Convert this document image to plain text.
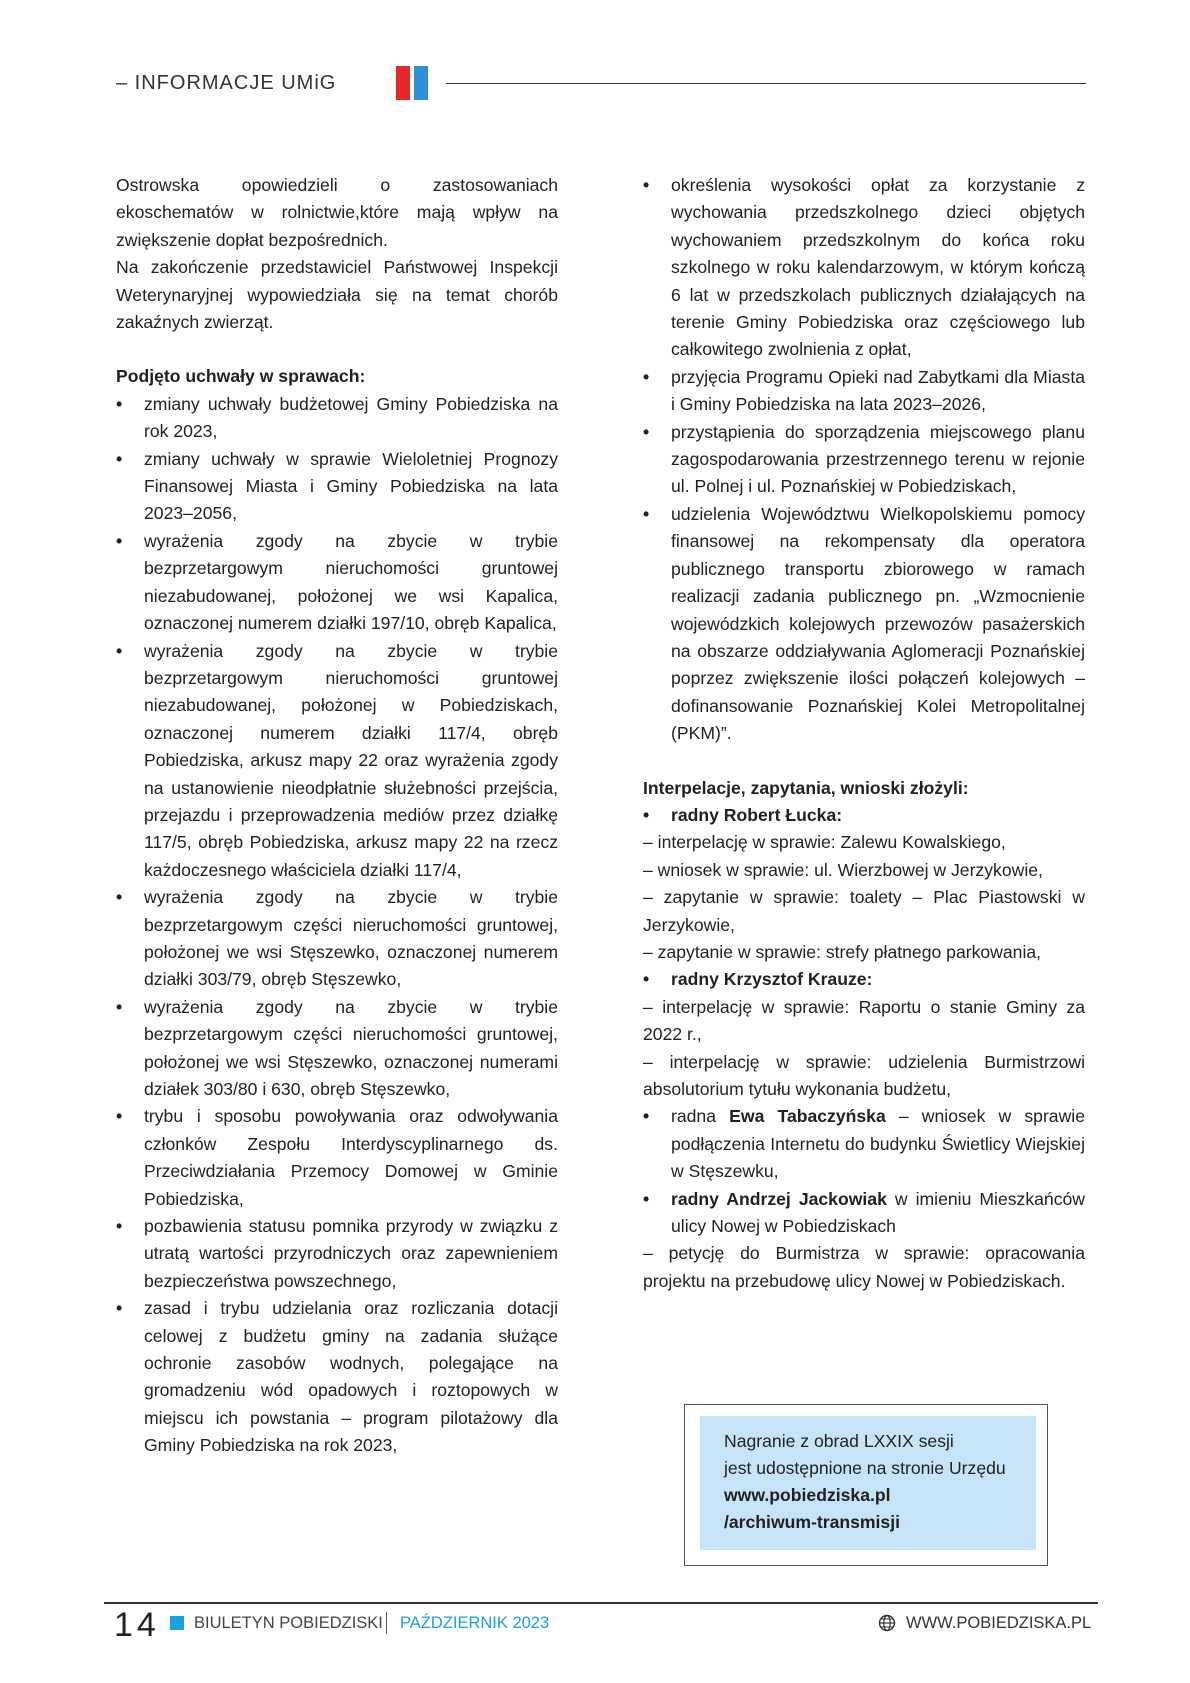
– INFORMACJE UMiG

Ostrowska opowiedzieli o zastosowaniach ekoschematów w rolnictwie,które mają wpływ na zwiększenie dopłat bezpośrednich.

Na zakończenie przedstawiciel Państwowej Inspekcji Weterynaryjnej wypowiedziała się na temat chorób zakaźnych zwierząt.

Podjęto uchwały w sprawach:

• zmiany uchwały budżetowej Gminy Pobiedziska na rok 2023,
• zmiany uchwały w sprawie Wieloletniej Prognozy Finansowej Miasta i Gminy Pobiedziska na lata 2023–2056,
• wyrażenia zgody na zbycie w trybie bezprzetargowym nieruchomości gruntowej niezabudowanej, położonej we wsi Kapalica, oznaczonej numerem działki 197/10, obręb Kapalica,
• wyrażenia zgody na zbycie w trybie bezprzetargowym nieruchomości gruntowej niezabudowanej, położonej w Pobiedziskach, oznaczonej numerem działki 117/4, obręb Pobiedziska, arkusz mapy 22 oraz wyrażenia zgody na ustanowienie nieodpłatnie służebności przejścia, przejazdu i przeprowadzenia mediów przez działkę 117/5, obręb Pobiedziska, arkusz mapy 22 na rzecz każdoczesnego właściciela działki 117/4,
• wyrażenia zgody na zbycie w trybie bezprzetargowym części nieruchomości gruntowej, położonej we wsi Stęszewko, oznaczonej numerem działki 303/79, obręb Stęszewko,
• wyrażenia zgody na zbycie w trybie bezprzetargowym części nieruchomości gruntowej, położonej we wsi Stęszewko, oznaczonej numerami działek 303/80 i 630, obręb Stęszewko,
• trybu i sposobu powoływania oraz odwoływania członków Zespołu Interdyscyplinarnego ds. Przeciwdziałania Przemocy Domowej w Gminie Pobiedziska,
• pozbawienia statusu pomnika przyrody w związku z utratą wartości przyrodniczych oraz zapewnieniem bezpieczeństwa powszechnego,
• zasad i trybu udzielania oraz rozliczania dotacji celowej z budżetu gminy na zadania służące ochronie zasobów wodnych, polegające na gromadzeniu wód opadowych i roztopowych w miejscu ich powstania – program pilotażowy dla Gminy Pobiedziska na rok 2023,
• określenia wysokości opłat za korzystanie z wychowania przedszkolnego dzieci objętych wychowaniem przedszkolnym do końca roku szkolnego w roku kalendarzowym, w którym kończą 6 lat w przedszkolach publicznych działających na terenie Gminy Pobiedziska oraz częściowego lub całkowitego zwolnienia z opłat,
• przyjęcia Programu Opieki nad Zabytkami dla Miasta i Gminy Pobiedziska na lata 2023–2026,
• przystąpienia do sporządzenia miejscowego planu zagospodarowania przestrzennego terenu w rejonie ul. Polnej i ul. Poznańskiej w Pobiedziskach,
• udzielenia Województwu Wielkopolskiemu pomocy finansowej na rekompensaty dla operatora publicznego transportu zbiorowego w ramach realizacji zadania publicznego pn. „Wzmocnienie wojewódzkich kolejowych przewozów pasażerskich na obszarze oddziaływania Aglomeracji Poznańskiej poprzez zwiększenie ilości połączeń kolejowych – dofinansowanie Poznańskiej Kolei Metropolitalnej (PKM)”.

Interpelacje, zapytania, wnioski złożyli:

• radny Robert Łucka:

– interpelację w sprawie: Zalewu Kowalskiego,

– wniosek w sprawie: ul. Wierzbowej w Jerzykowie,

– zapytanie w sprawie: toalety – Plac Piastowski w Jerzykowie,

– zapytanie w sprawie: strefy płatnego parkowania,

• radny Krzysztof Krauze:

– interpelację w sprawie: Raportu o stanie Gminy za 2022 r.,

– interpelację w sprawie: udzielenia Burmistrzowi absolutorium tytułu wykonania budżetu,

• radna Ewa Tabaczyńska – wniosek w sprawie podłączenia Internetu do budynku Świetlicy Wiejskiej w Stęszewku,
• radny Andrzej Jackowiak w imieniu Mieszkańców ulicy Nowej w Pobiedziskach

– petycję do Burmistrza w sprawie: opracowania projektu na przebudowę ulicy Nowej w Pobiedziskach.

Nagranie z obrad LXXIX sesji
jest udostępnione na stronie Urzędu
www.pobiedziska.pl
/archiwum-transmisji
14 BIULETYN POBIEDZISKI PAŹDZIERNIK 2023	WWW.POBIEDZISKA.PL
